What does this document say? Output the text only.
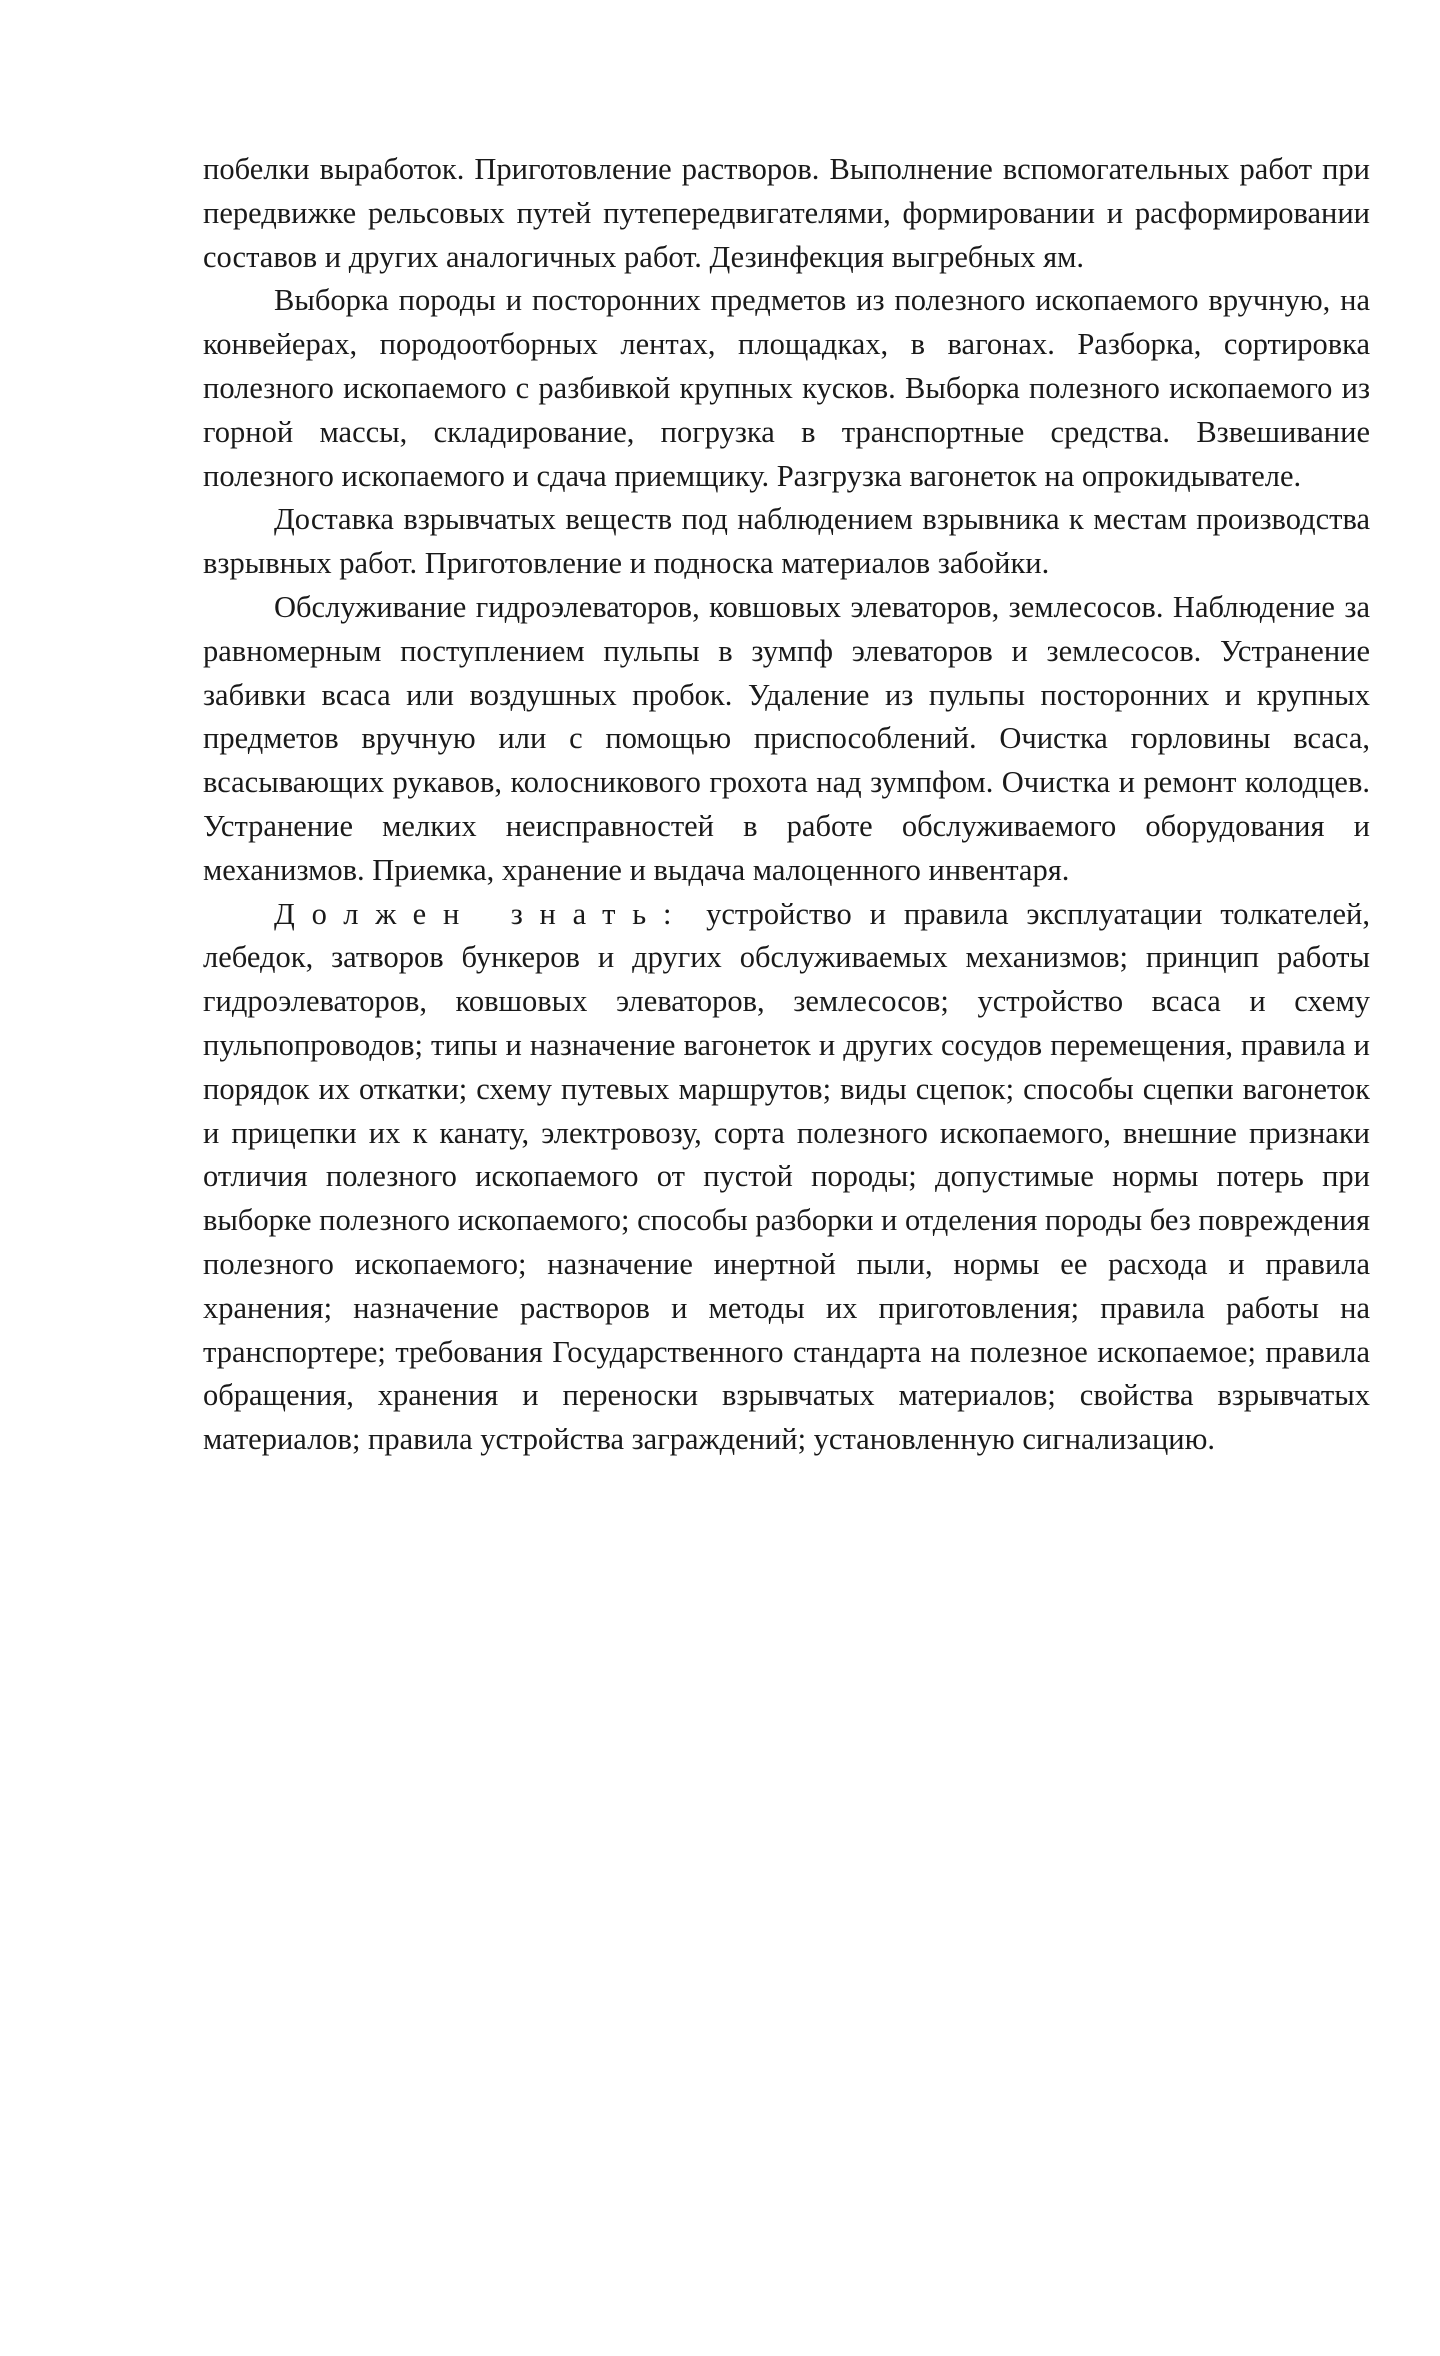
побелки выработок. Приготовление растворов. Выполнение вспомогательных работ при передвижке рельсовых путей путепередвигателями, формировании и расформировании составов и других аналогичных работ. Дезинфекция выгребных ям.

Выборка породы и посторонних предметов из полезного ископаемого вручную, на конвейерах, породоотборных лентах, площадках, в вагонах. Разборка, сортировка полезного ископаемого с разбивкой крупных кусков. Выборка полезного ископаемого из горной массы, складирование, погрузка в транспортные средства. Взвешивание полезного ископаемого и сдача приемщику. Разгрузка вагонеток на опрокидывателе.

Доставка взрывчатых веществ под наблюдением взрывника к местам производства взрывных работ. Приготовление и подноска материалов забойки.

Обслуживание гидроэлеваторов, ковшовых элеваторов, землесосов. Наблюдение за равномерным поступлением пульпы в зумпф элеваторов и землесосов. Устранение забивки всаса или воздушных пробок. Удаление из пульпы посторонних и крупных предметов вручную или с помощью приспособлений. Очистка горловины всаса, всасывающих рукавов, колосникового грохота над зумпфом. Очистка и ремонт колодцев. Устранение мелких неисправностей в работе обслуживаемого оборудования и механизмов. Приемка, хранение и выдача малоценного инвентаря.

Должен знать: устройство и правила эксплуатации толкателей, лебедок, затворов бункеров и других обслуживаемых механизмов; принцип работы гидроэлеваторов, ковшовых элеваторов, землесосов; устройство всаса и схему пульпопроводов; типы и назначение вагонеток и других сосудов перемещения, правила и порядок их откатки; схему путевых маршрутов; виды сцепок; способы сцепки вагонеток и прицепки их к канату, электровозу, сорта полезного ископаемого, внешние признаки отличия полезного ископаемого от пустой породы; допустимые нормы потерь при выборке полезного ископаемого; способы разборки и отделения породы без повреждения полезного ископаемого; назначение инертной пыли, нормы ее расхода и правила хранения; назначение растворов и методы их приготовления; правила работы на транспортере; требования Государственного стандарта на полезное ископаемое; правила обращения, хранения и переноски взрывчатых материалов; свойства взрывчатых материалов; правила устройства заграждений; установленную сигнализацию.
